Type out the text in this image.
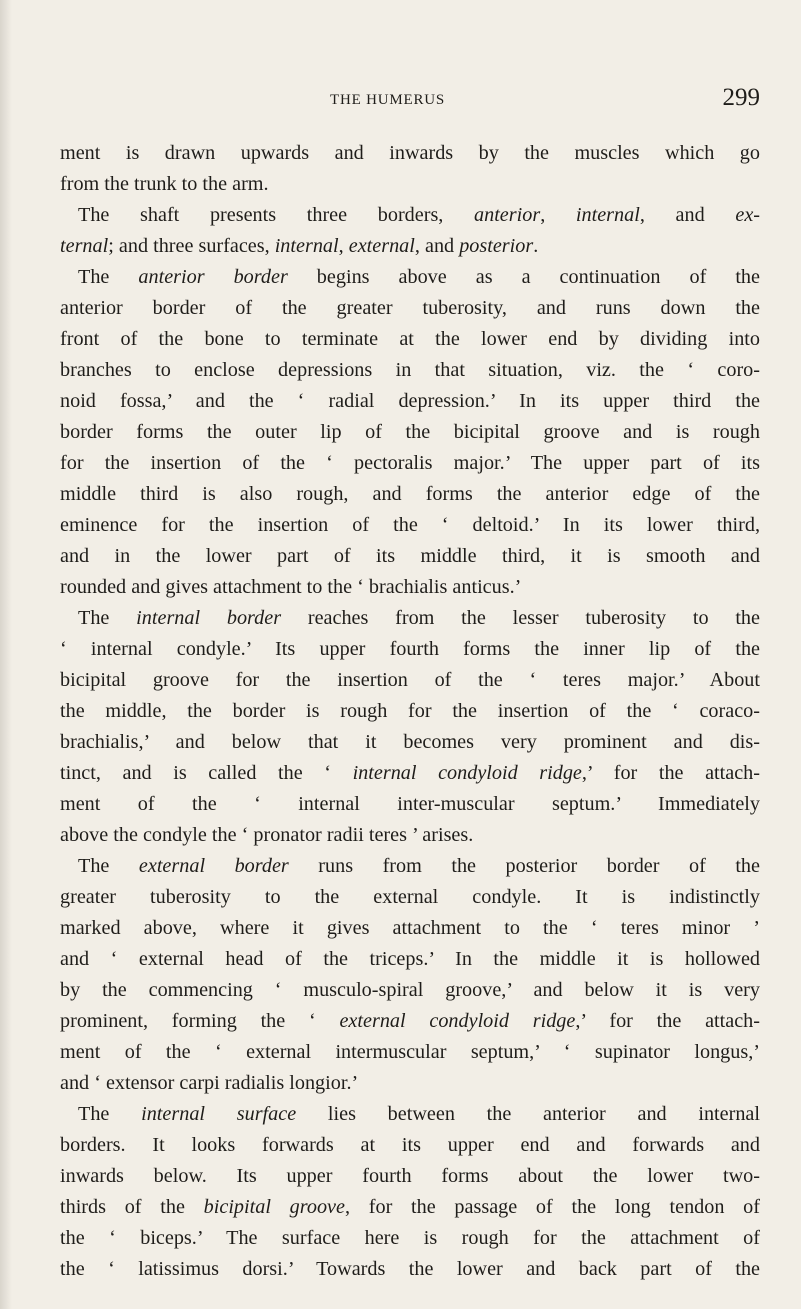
THE HUMERUS	299
ment is drawn upwards and inwards by the muscles which go
from the trunk to the arm.
The shaft presents three borders, anterior, internal, and ex-
ternal; and three surfaces, internal, external, and posterior.
The anterior border begins above as a continuation of the
anterior border of the greater tuberosity, and runs down the
front of the bone to terminate at the lower end by dividing into
branches to enclose depressions in that situation, viz. the ‘ coro-
noid fossa,’ and the ‘ radial depression.’ In its upper third the
border forms the outer lip of the bicipital groove and is rough
for the insertion of the ‘ pectoralis major.’ The upper part of its
middle third is also rough, and forms the anterior edge of the
eminence for the insertion of the ‘ deltoid.’ In its lower third,
and in the lower part of its middle third, it is smooth and
rounded and gives attachment to the ‘ brachialis anticus.’
The internal border reaches from the lesser tuberosity to the
‘ internal condyle.’ Its upper fourth forms the inner lip of the
bicipital groove for the insertion of the ‘ teres major.’ About
the middle, the border is rough for the insertion of the ‘ coraco-
brachialis,’ and below that it becomes very prominent and dis-
tinct, and is called the ‘ internal condyloid ridge,’ for the attach-
ment of the ‘ internal inter-muscular septum.’ Immediately
above the condyle the ‘ pronator radii teres ’ arises.
The external border runs from the posterior border of the
greater tuberosity to the external condyle. It is indistinctly
marked above, where it gives attachment to the ‘ teres minor ’
and ‘ external head of the triceps.’ In the middle it is hollowed
by the commencing ‘ musculo-spiral groove,’ and below it is very
prominent, forming the ‘ external condyloid ridge,’ for the attach-
ment of the ‘ external intermuscular septum,’ ‘ supinator longus,’
and ‘ extensor carpi radialis longior.’
The internal surface lies between the anterior and internal
borders. It looks forwards at its upper end and forwards and
inwards below. Its upper fourth forms about the lower two-
thirds of the bicipital groove, for the passage of the long tendon of
the ‘ biceps.’ The surface here is rough for the attachment of
the ‘ latissimus dorsi.’ Towards the lower and back part of the
